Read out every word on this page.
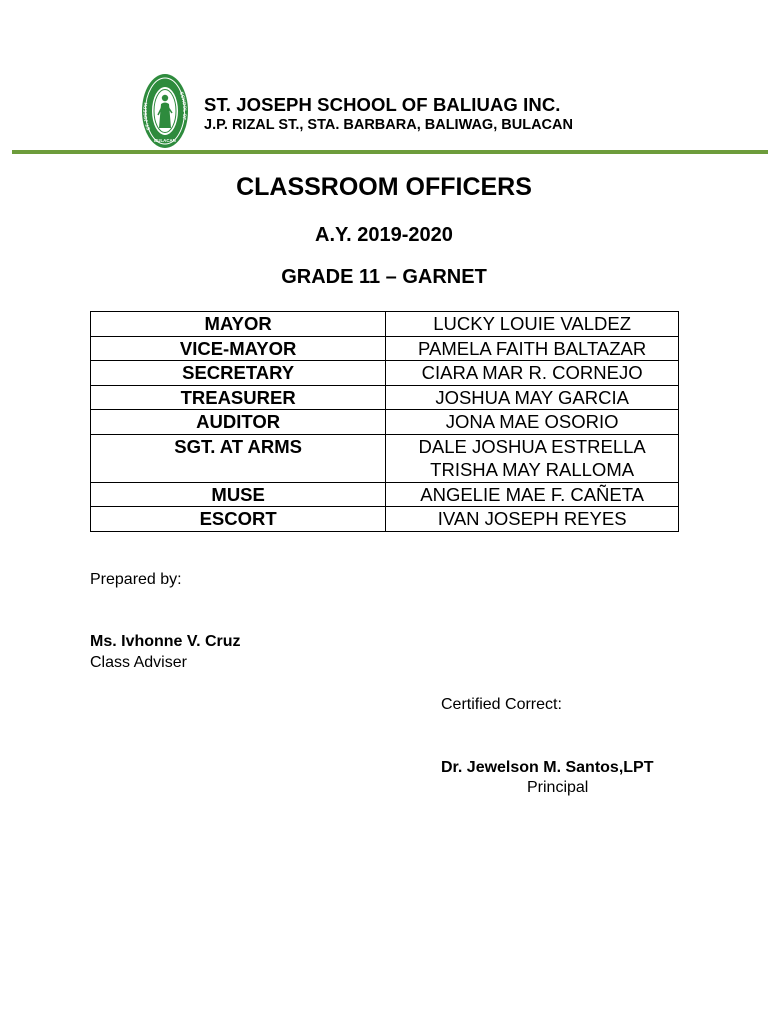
ST. JOSEPH
SCHOOL OF
BULACAN
ST. JOSEPH SCHOOL OF BALIUAG INC.
J.P. RIZAL ST., STA. BARBARA, BALIWAG, BULACAN
CLASSROOM OFFICERS
A.Y. 2019-2020
GRADE 11 – GARNET
MAYOR	LUCKY LOUIE VALDEZ

VICE-MAYOR	PAMELA FAITH BALTAZAR

SECRETARY	CIARA MAR R. CORNEJO

TREASURER	JOSHUA MAY GARCIA

AUDITOR	JONA MAE OSORIO

SGT. AT ARMS	DALE JOSHUA ESTRELLA
TRISHA MAY RALLOMA

MUSE	ANGELIE MAE F. CAÑETA

ESCORT	IVAN JOSEPH REYES
Prepared by:
Ms. Ivhonne V. Cruz
Class Adviser
Certified Correct:
Dr. Jewelson M. Santos,LPT
Principal
